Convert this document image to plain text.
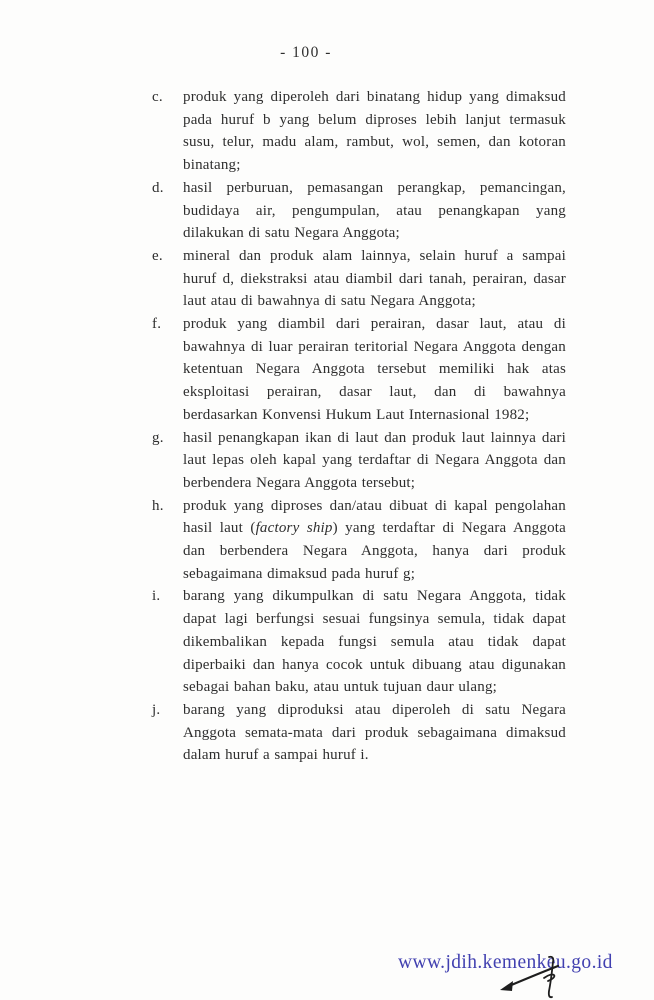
- 100 -
c.	produk yang diperoleh dari binatang hidup yang dimaksud pada huruf b yang belum diproses lebih lanjut termasuk susu, telur, madu alam, rambut, wol, semen, dan kotoran binatang;
d.	hasil perburuan, pemasangan perangkap, pemancingan, budidaya air, pengumpulan, atau penangkapan yang dilakukan di satu Negara Anggota;
e.	mineral dan produk alam lainnya, selain huruf a sampai huruf d, diekstraksi atau diambil dari tanah, perairan, dasar laut atau di bawahnya di satu Negara Anggota;
f.	produk yang diambil dari perairan, dasar laut, atau di bawahnya di luar perairan teritorial Negara Anggota dengan ketentuan Negara Anggota tersebut memiliki hak atas eksploitasi perairan, dasar laut, dan di bawahnya berdasarkan Konvensi Hukum Laut Internasional 1982;
g.	hasil penangkapan ikan di laut dan produk laut lainnya dari laut lepas oleh kapal yang terdaftar di Negara Anggota dan berbendera Negara Anggota tersebut;
h.	produk yang diproses dan/atau dibuat di kapal pengolahan hasil laut (factory ship) yang terdaftar di Negara Anggota dan berbendera Negara Anggota, hanya dari produk sebagaimana dimaksud pada huruf g;
i.	barang yang dikumpulkan di satu Negara Anggota, tidak dapat lagi berfungsi sesuai fungsinya semula, tidak dapat dikembalikan kepada fungsi semula atau tidak dapat diperbaiki dan hanya cocok untuk dibuang atau digunakan sebagai bahan baku, atau untuk tujuan daur ulang;
j.	barang yang diproduksi atau diperoleh di satu Negara Anggota semata-mata dari produk sebagaimana dimaksud dalam huruf a sampai huruf i.
www.jdih.kemenkeu.go.id
